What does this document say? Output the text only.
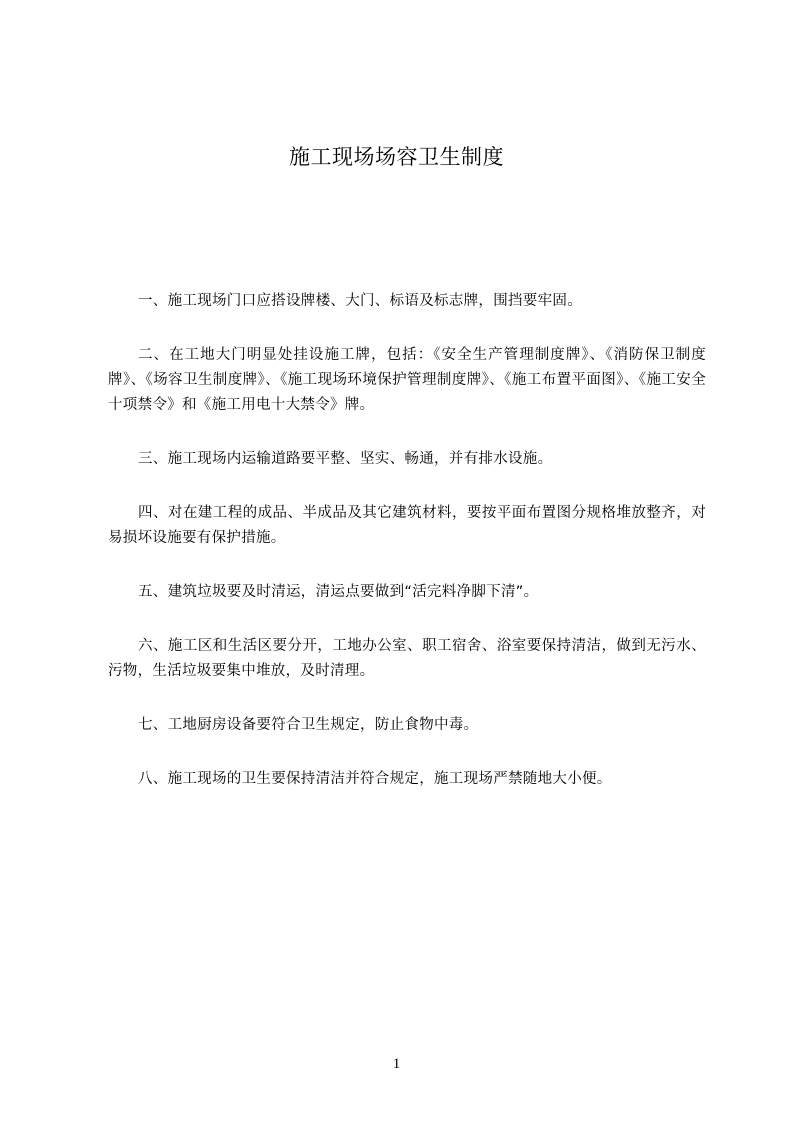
施工现场场容卫生制度

一、施工现场门口应搭设牌楼、大门、标语及标志牌，围挡要牢固。

二、在工地大门明显处挂设施工牌，包括：《安全生产管理制度牌》、《消防保卫制度牌》、《场容卫生制度牌》、《施工现场环境保护管理制度牌》、《施工布置平面图》、《施工安全十项禁令》和《施工用电十大禁令》牌。

三、施工现场内运输道路要平整、坚实、畅通，并有排水设施。

四、对在建工程的成品、半成品及其它建筑材料，要按平面布置图分规格堆放整齐，对易损坏设施要有保护措施。

五、建筑垃圾要及时清运，清运点要做到“活完料净脚下清”。

六、施工区和生活区要分开，工地办公室、职工宿舍、浴室要保持清洁，做到无污水、污物，生活垃圾要集中堆放，及时清理。

七、工地厨房设备要符合卫生规定，防止食物中毒。

八、施工现场的卫生要保持清洁并符合规定，施工现场严禁随地大小便。

1
